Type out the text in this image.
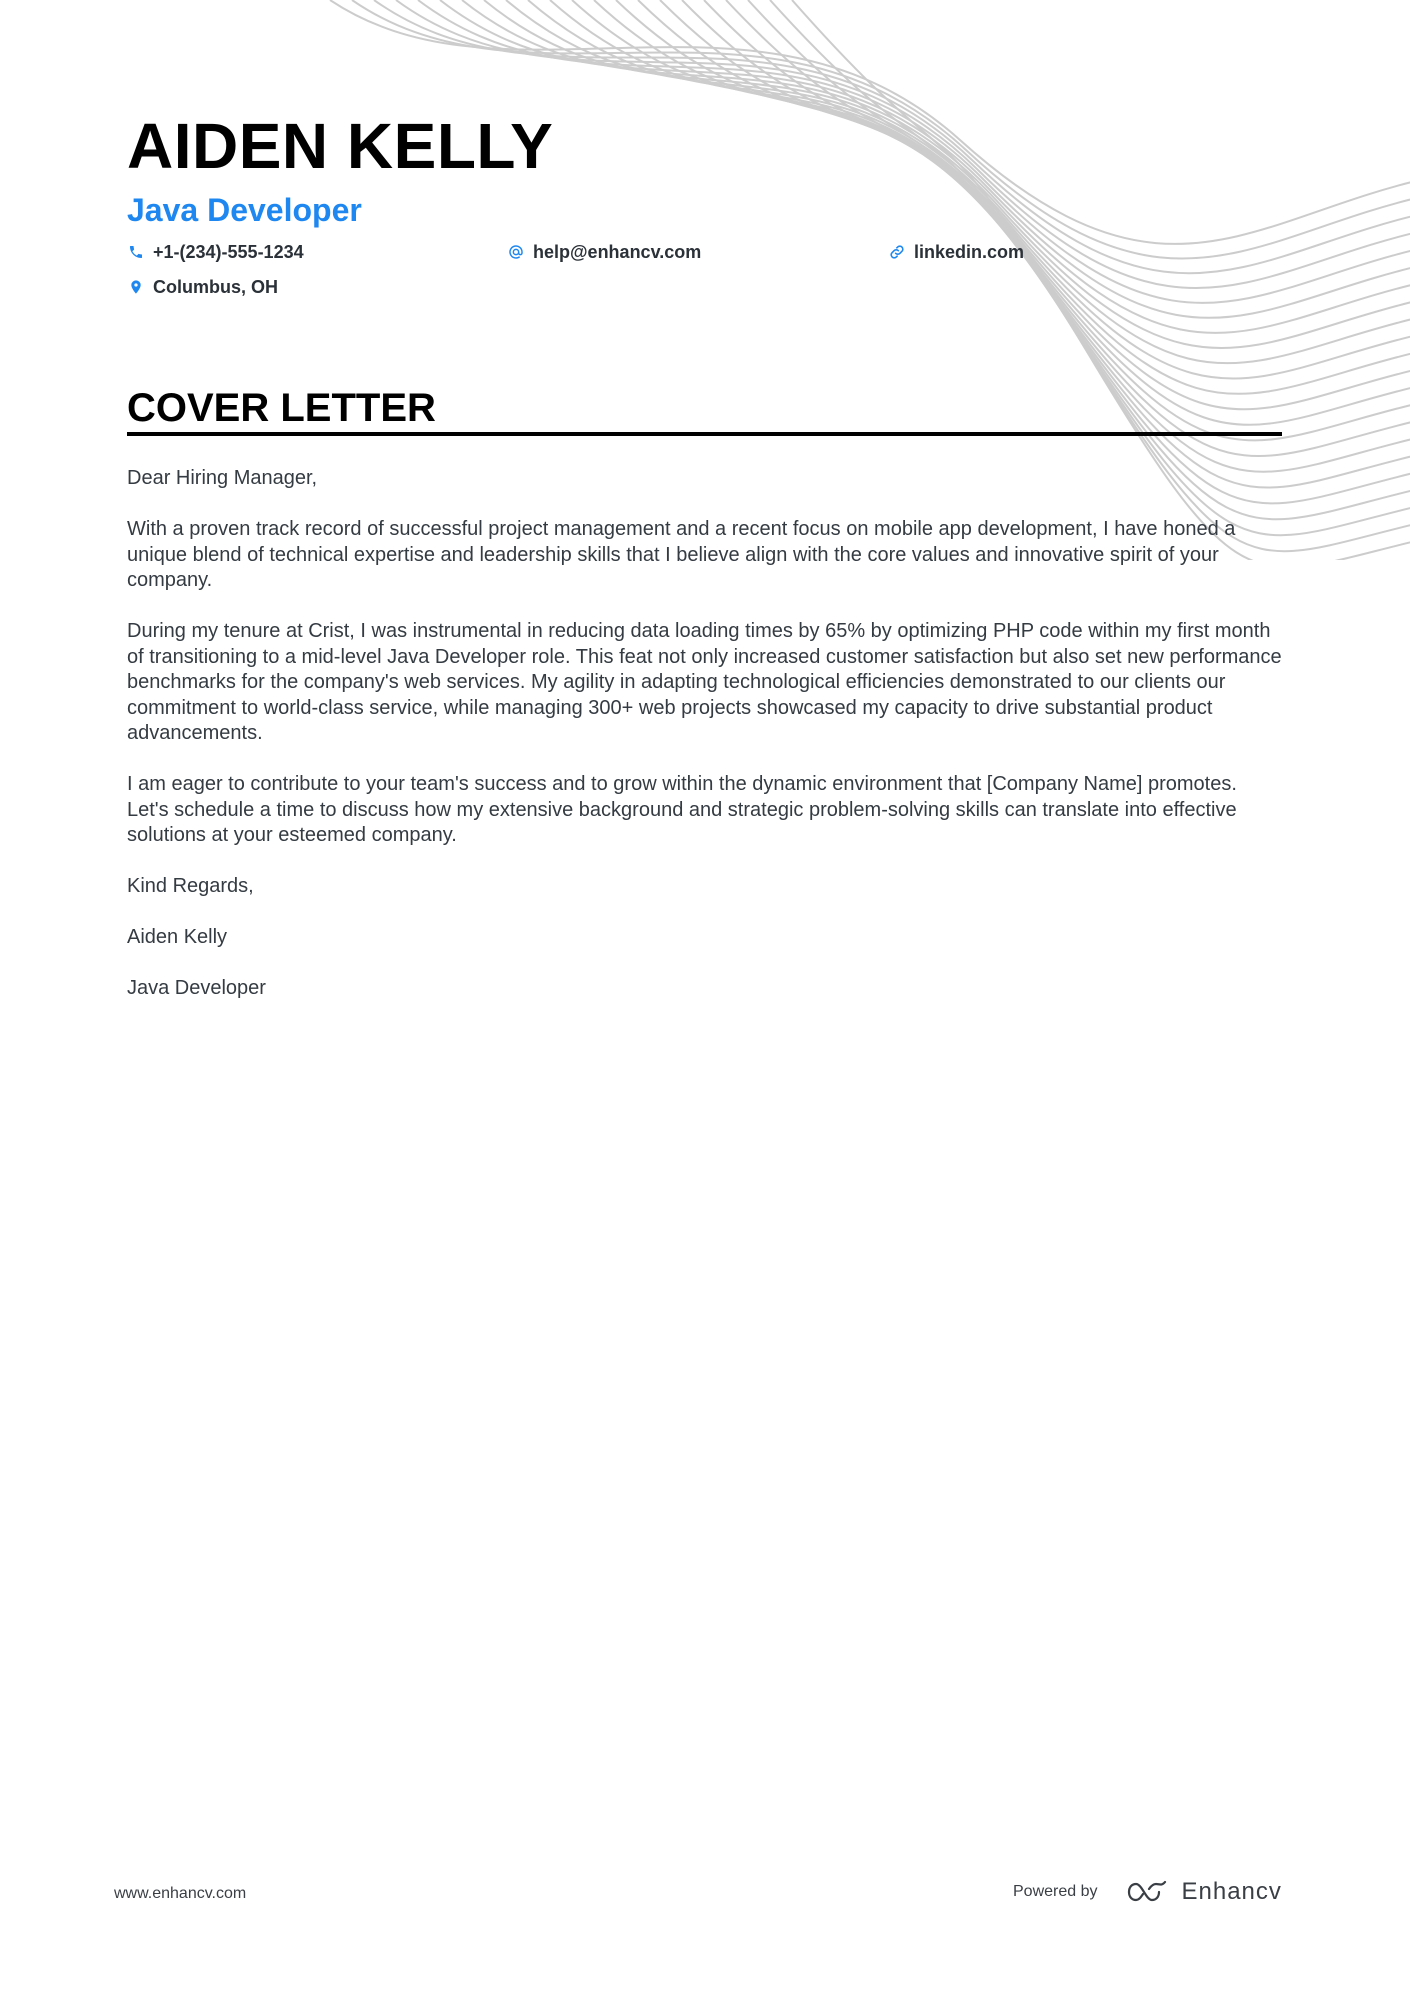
AIDEN KELLY
Java Developer
+1-(234)-555-1234	help@enhancv.com	linkedin.com
Columbus, OH
COVER LETTER

Dear Hiring Manager,

With a proven track record of successful project management and a recent focus on mobile app development, I have honed a unique blend of technical expertise and leadership skills that I believe align with the core values and innovative spirit of your company.

During my tenure at Crist, I was instrumental in reducing data loading times by 65% by optimizing PHP code within my first month of transitioning to a mid-level Java Developer role. This feat not only increased customer satisfaction but also set new performance benchmarks for the company's web services. My agility in adapting technological efficiencies demonstrated to our clients our commitment to world-class service, while managing 300+ web projects showcased my capacity to drive substantial product advancements.

I am eager to contribute to your team's success and to grow within the dynamic environment that [Company Name] promotes. Let's schedule a time to discuss how my extensive background and strategic problem-solving skills can translate into effective solutions at your esteemed company.

Kind Regards,

Aiden Kelly

Java Developer

www.enhancv.com	Powered by	Enhancv
